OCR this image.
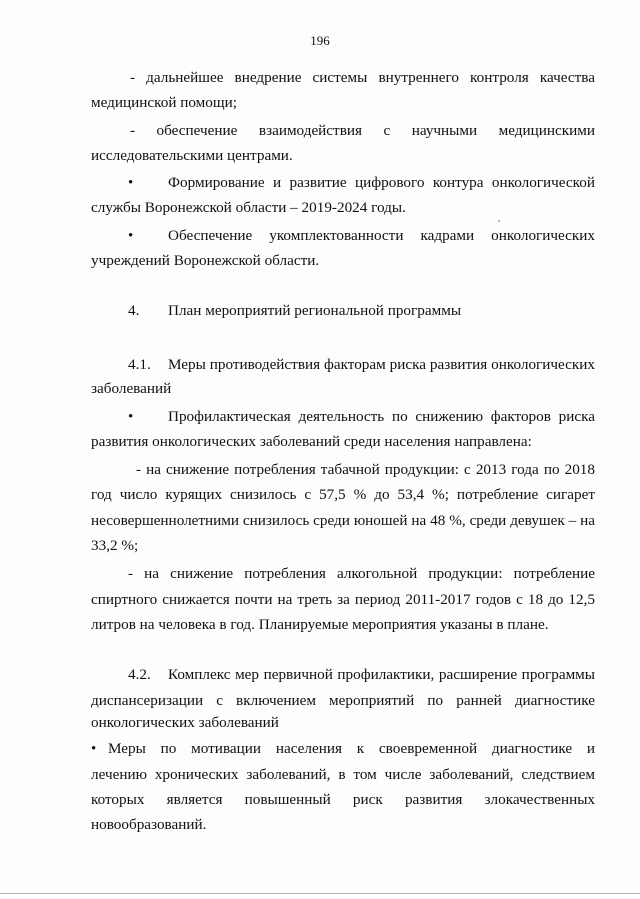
196
- дальнейшее внедрение системы внутреннего контроля качества
медицинской помощи;
- обеспечение взаимодействия с научными медицинскими
исследовательскими центрами.
• Формирование и развитие цифрового контура онкологической
службы Воронежской области – 2019-2024 годы.
• Обеспечение укомплектованности кадрами онкологических
учреждений Воронежской области.
4. План мероприятий региональной программы
4.1. Меры противодействия факторам риска развития онкологических
заболеваний
• Профилактическая деятельность по снижению факторов риска
развития онкологических заболеваний среди населения направлена:
- на снижение потребления табачной продукции: с 2013 года по 2018
год число курящих снизилось с 57,5 % до 53,4 %; потребление сигарет
несовершеннолетними снизилось среди юношей на 48 %, среди девушек – на
33,2 %;
- на снижение потребления алкогольной продукции: потребление
спиртного снижается почти на треть за период 2011-2017 годов с 18 до 12,5
литров на человека в год. Планируемые мероприятия указаны в плане.
4.2. Комплекс мер первичной профилактики, расширение программы
диспансеризации с включением мероприятий по ранней диагностике
онкологических заболеваний
• Меры по мотивации населения к своевременной диагностике и
лечению хронических заболеваний, в том числе заболеваний, следствием
которых является повышенный риск развития злокачественных
новообразований.
